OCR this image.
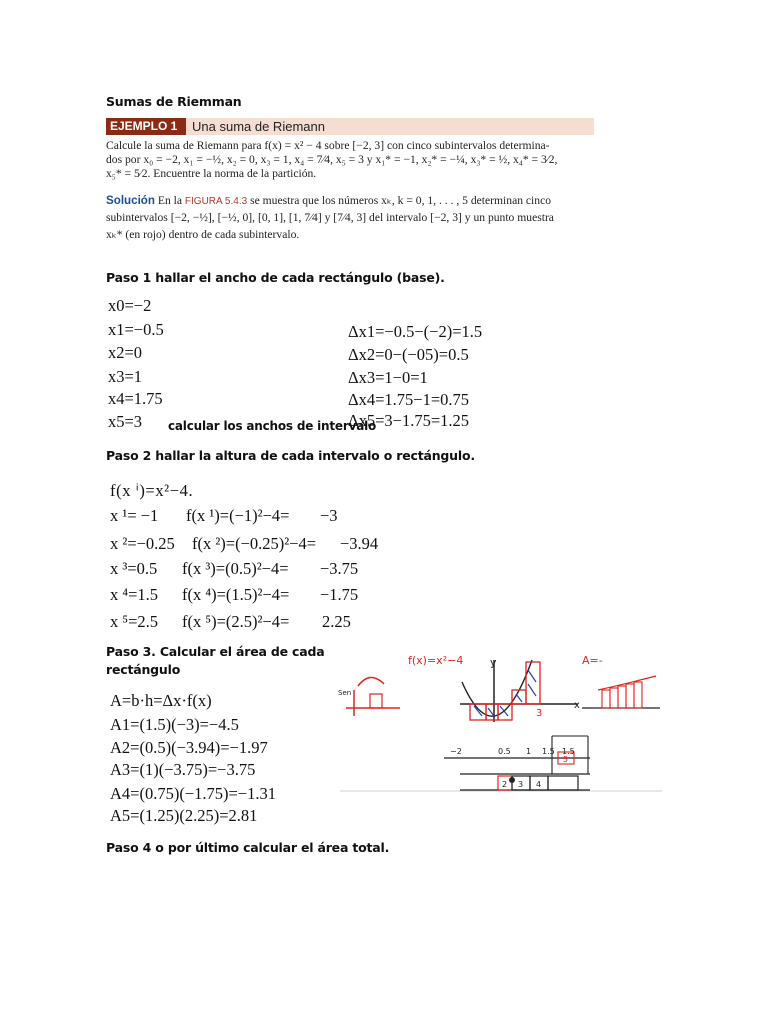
Sumas de Riemman
EJEMPLO 1	Una suma de Riemann
Calcule la suma de Riemann para f(x) = x² − 4 sobre [−2, 3] con cinco subintervalos determina-
dos por x₀ = −2, x₁ = −½, x₂ = 0, x₃ = 1, x₄ = 7⁄4, x₅ = 3 y x₁* = −1, x₂* = −¼, x₃* = ½, x₄* = 3⁄2,
x₅* = 5⁄2. Encuentre la norma de la partición.
Solución En la FIGURA 5.4.3 se muestra que los números xₖ, k = 0, 1, . . . , 5 determinan cinco
subintervalos [−2, −½], [−½, 0], [0, 1], [1, 7⁄4] y [7⁄4, 3] del intervalo [−2, 3] y un punto muestra
xₖ* (en rojo) dentro de cada subintervalo.
Paso 1 hallar el ancho de cada rectángulo (base).
x0=−2
x1=−0.5
x2=0
x3=1
x4=1.75
x5=3 calcular los anchos de intervalo
Δx1=−0.5−(−2)=1.5
Δx2=0−(−05)=0.5
Δx3=1−0=1
Δx4=1.75−1=0.75
Δx5=3−1.75=1.25
Paso 2 hallar la altura de cada intervalo o rectángulo.
f(x ⁱ)=x²−4.
x ¹= −1 f(x ¹)=(−1)²−4= −3
x ²=−0.25 f(x ²)=(−0.25)²−4= −3.94
x ³=0.5 f(x ³)=(0.5)²−4= −3.75
x ⁴=1.5 f(x ⁴)=(1.5)²−4= −1.75
x ⁵=2.5 f(x ⁵)=(2.5)²−4= 2.25
Paso 3. Calcular el área de cada
rectángulo
A=b·h=Δx·f(x)
A1=(1.5)(−3)=−4.5
A2=(0.5)(−3.94)=−1.97
A3=(1)(−3.75)=−3.75
A4=(0.75)(−1.75)=−1.31
A5=(1.25)(2.25)=2.81
Sen
y
x
f(x)=x²−4
3
A=-
−2	0.5 1 1.5 1.5
2 3 4
5
Paso 4 o por último calcular el área total.
